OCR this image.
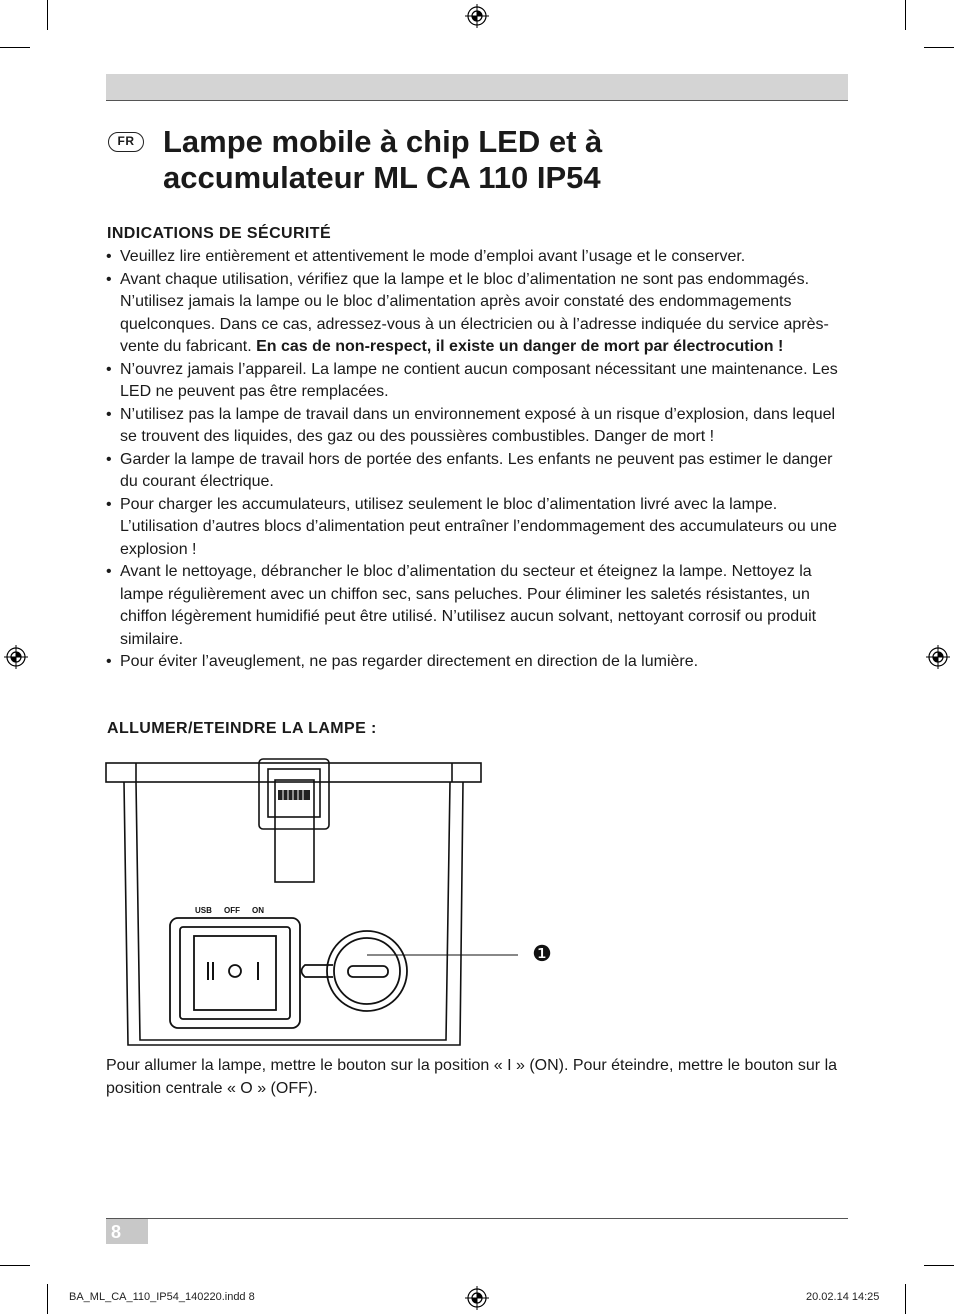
FR Lampe mobile à chip LED et à
accumulateur ML CA 110 IP54
INDICATIONS DE SÉCURITÉ
• Veuillez lire entièrement et attentivement le mode d’emploi avant l’usage et le conserver.
• Avant chaque utilisation, vérifiez que la lampe et le bloc d’alimentation ne sont pas endommagés. N’utilisez jamais la lampe ou le bloc d’alimentation après avoir constaté des endommagements quelconques. Dans ce cas, adressez-vous à un électricien ou à l’adresse indiquée du service après-vente du fabricant. En cas de non-respect, il existe un danger de mort par électrocution !
• N’ouvrez jamais l’appareil. La lampe ne contient aucun composant nécessitant une maintenance. Les LED ne peuvent pas être remplacées.
• N’utilisez pas la lampe de travail dans un environnement exposé à un risque d’explosion, dans lequel se trouvent des liquides, des gaz ou des poussières combustibles. Danger de mort !
• Garder la lampe de travail hors de portée des enfants. Les enfants ne peuvent pas estimer le danger du courant électrique.
• Pour charger les accumulateurs, utilisez seulement le bloc d’alimentation livré avec la lampe. L’utilisation d’autres blocs d’alimentation peut entraîner l’endommagement des accumulateurs ou une explosion !
• Avant le nettoyage, débrancher le bloc d’alimentation du secteur et éteignez la lampe. Nettoyez la lampe régulièrement avec un chiffon sec, sans peluches. Pour éliminer les saletés résistantes, un chiffon légèrement humidifié peut être utilisé. N’utilisez aucun solvant, nettoyant corrosif ou produit similaire.
• Pour éviter l’aveuglement, ne pas regarder directement en direction de la lumière.
ALLUMER/ETEINDRE LA LAMPE :
USB OFF ON
❶

Pour allumer la lampe, mettre le bouton sur la position « I » (ON). Pour éteindre, mettre le bouton sur la position centrale « O » (OFF).

8
BA_ML_CA_110_IP54_140220.indd 8	20.02.14 14:25
